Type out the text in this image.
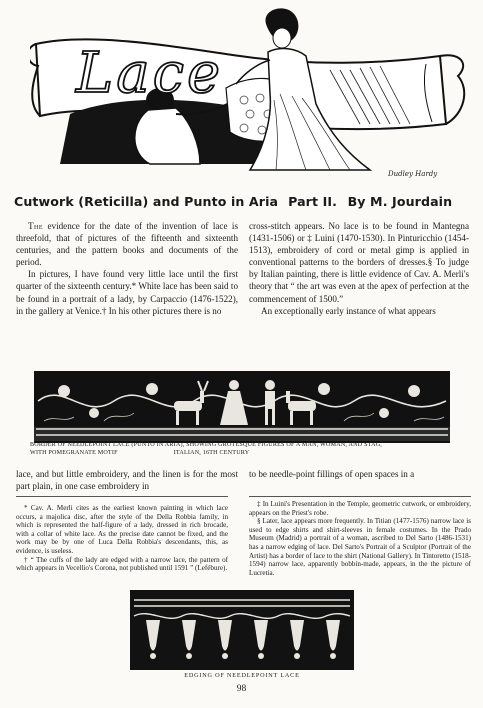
Dudley Hardy
Lace
Cutwork (Reticilla) and Punto in Aria Part II. By M. Jourdain

The evidence for the date of the invention of lace is threefold, that of pictures of the fifteenth and sixteenth centuries, and the pattern books and documents of the period.

In pictures, I have found very little lace until the first quarter of the sixteenth century.* White lace has been said to be found in a portrait of a lady, by Carpaccio (1476-1522), in the gallery at Venice.† In his other pictures there is no

cross-stitch appears. No lace is to be found in Mantegna (1431-1506) or ‡ Luini (1470-1530). In Pinturicchio (1454-1513), embroidery of cord or metal gimp is applied in conventional patterns to the borders of dresses.§ To judge by Italian painting, there is little evidence of Cav. A. Merli's theory that “ the art was even at the apex of perfection at the commencement of 1500.”

An exceptionally early instance of what appears

BORDER OF NEEDLEPOINT LACE (PUNTO IN ARIA), SHOWING GROTESQUE FIGURES OF A MAN, WOMAN, AND STAG,
WITH POMEGRANATE MOTIF	ITALIAN, 16TH CENTURY
lace, and but little embroidery, and the linen is for the most part plain, in one case embroidery in
to be needle-point fillings of open spaces in a

* Cav. A. Merli cites as the earliest known painting in which lace occurs, a majolica disc, after the style of the Della Robbia family, in which is represented the half-figure of a lady, dressed in rich brocade, with a collar of white lace. As the precise date cannot be fixed, and the work may be by one of Luca Della Robbia's descendants, this, as evidence, is useless.

† “ The cuffs of the lady are edged with a narrow lace, the pattern of which appears in Vecellio's Corona, not published until 1591 ” (Lefébure).

‡ In Luini's Presentation in the Temple, geometric cutwork, or embroidery, appears on the Priest's robe.

§ Later, lace appears more frequently. In Titian (1477-1576) narrow lace is used to edge shirts and shirt-sleeves in female costumes. In the Prado Museum (Madrid) a portrait of a woman, ascribed to Del Sarto (1486-1531) has a narrow edging of lace. Del Sarto's Portrait of a Sculptor (Portrait of the Artist) has a border of lace to the shirt (National Gallery). In Tintoretto (1518-1594) narrow lace, apparently bobbin-made, appears, in the the picture of Lucretia.

EDGING OF NEEDLEPOINT LACE
98
